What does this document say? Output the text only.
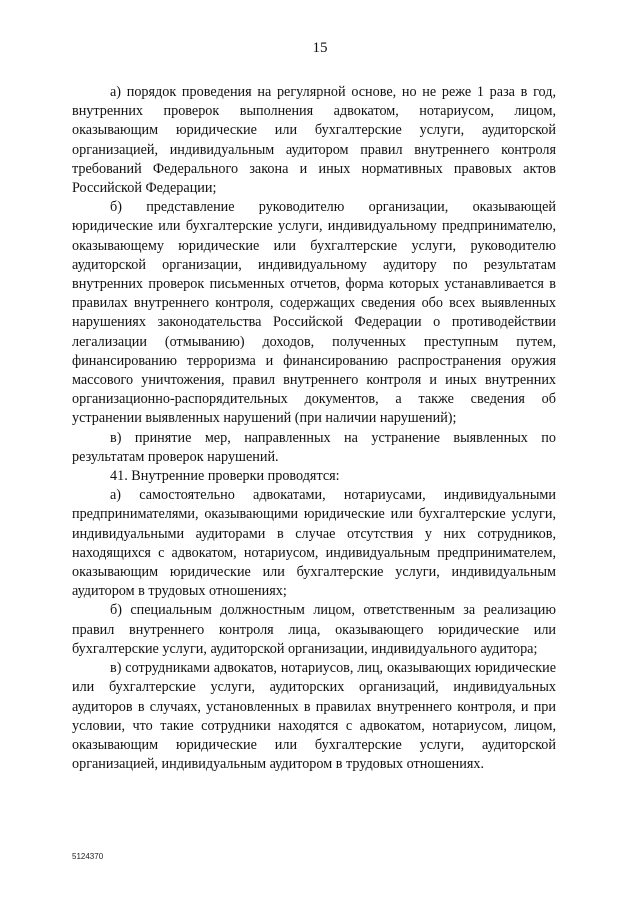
15

а) порядок проведения на регулярной основе, но не реже 1 раза в год, внутренних проверок выполнения адвокатом, нотариусом, лицом, оказывающим юридические или бухгалтерские услуги, аудиторской организацией, индивидуальным аудитором правил внутреннего контроля требований Федерального закона и иных нормативных правовых актов Российской Федерации;

б) представление руководителю организации, оказывающей юридические или бухгалтерские услуги, индивидуальному предпринимателю, оказывающему юридические или бухгалтерские услуги, руководителю аудиторской организации, индивидуальному аудитору по результатам внутренних проверок письменных отчетов, форма которых устанавливается в правилах внутреннего контроля, содержащих сведения обо всех выявленных нарушениях законодательства Российской Федерации о противодействии легализации (отмыванию) доходов, полученных преступным путем, финансированию терроризма и финансированию распространения оружия массового уничтожения, правил внутреннего контроля и иных внутренних организационно-распорядительных документов, а также сведения об устранении выявленных нарушений (при наличии нарушений);

в) принятие мер, направленных на устранение выявленных по результатам проверок нарушений.

41. Внутренние проверки проводятся:

а) самостоятельно адвокатами, нотариусами, индивидуальными предпринимателями, оказывающими юридические или бухгалтерские услуги, индивидуальными аудиторами в случае отсутствия у них сотрудников, находящихся с адвокатом, нотариусом, индивидуальным предпринимателем, оказывающим юридические или бухгалтерские услуги, индивидуальным аудитором в трудовых отношениях;

б) специальным должностным лицом, ответственным за реализацию правил внутреннего контроля лица, оказывающего юридические или бухгалтерские услуги, аудиторской организации, индивидуального аудитора;

в) сотрудниками адвокатов, нотариусов, лиц, оказывающих юридические или бухгалтерские услуги, аудиторских организаций, индивидуальных аудиторов в случаях, установленных в правилах внутреннего контроля, и при условии, что такие сотрудники находятся с адвокатом, нотариусом, лицом, оказывающим юридические или бухгалтерские услуги, аудиторской организацией, индивидуальным аудитором в трудовых отношениях.

5124370
